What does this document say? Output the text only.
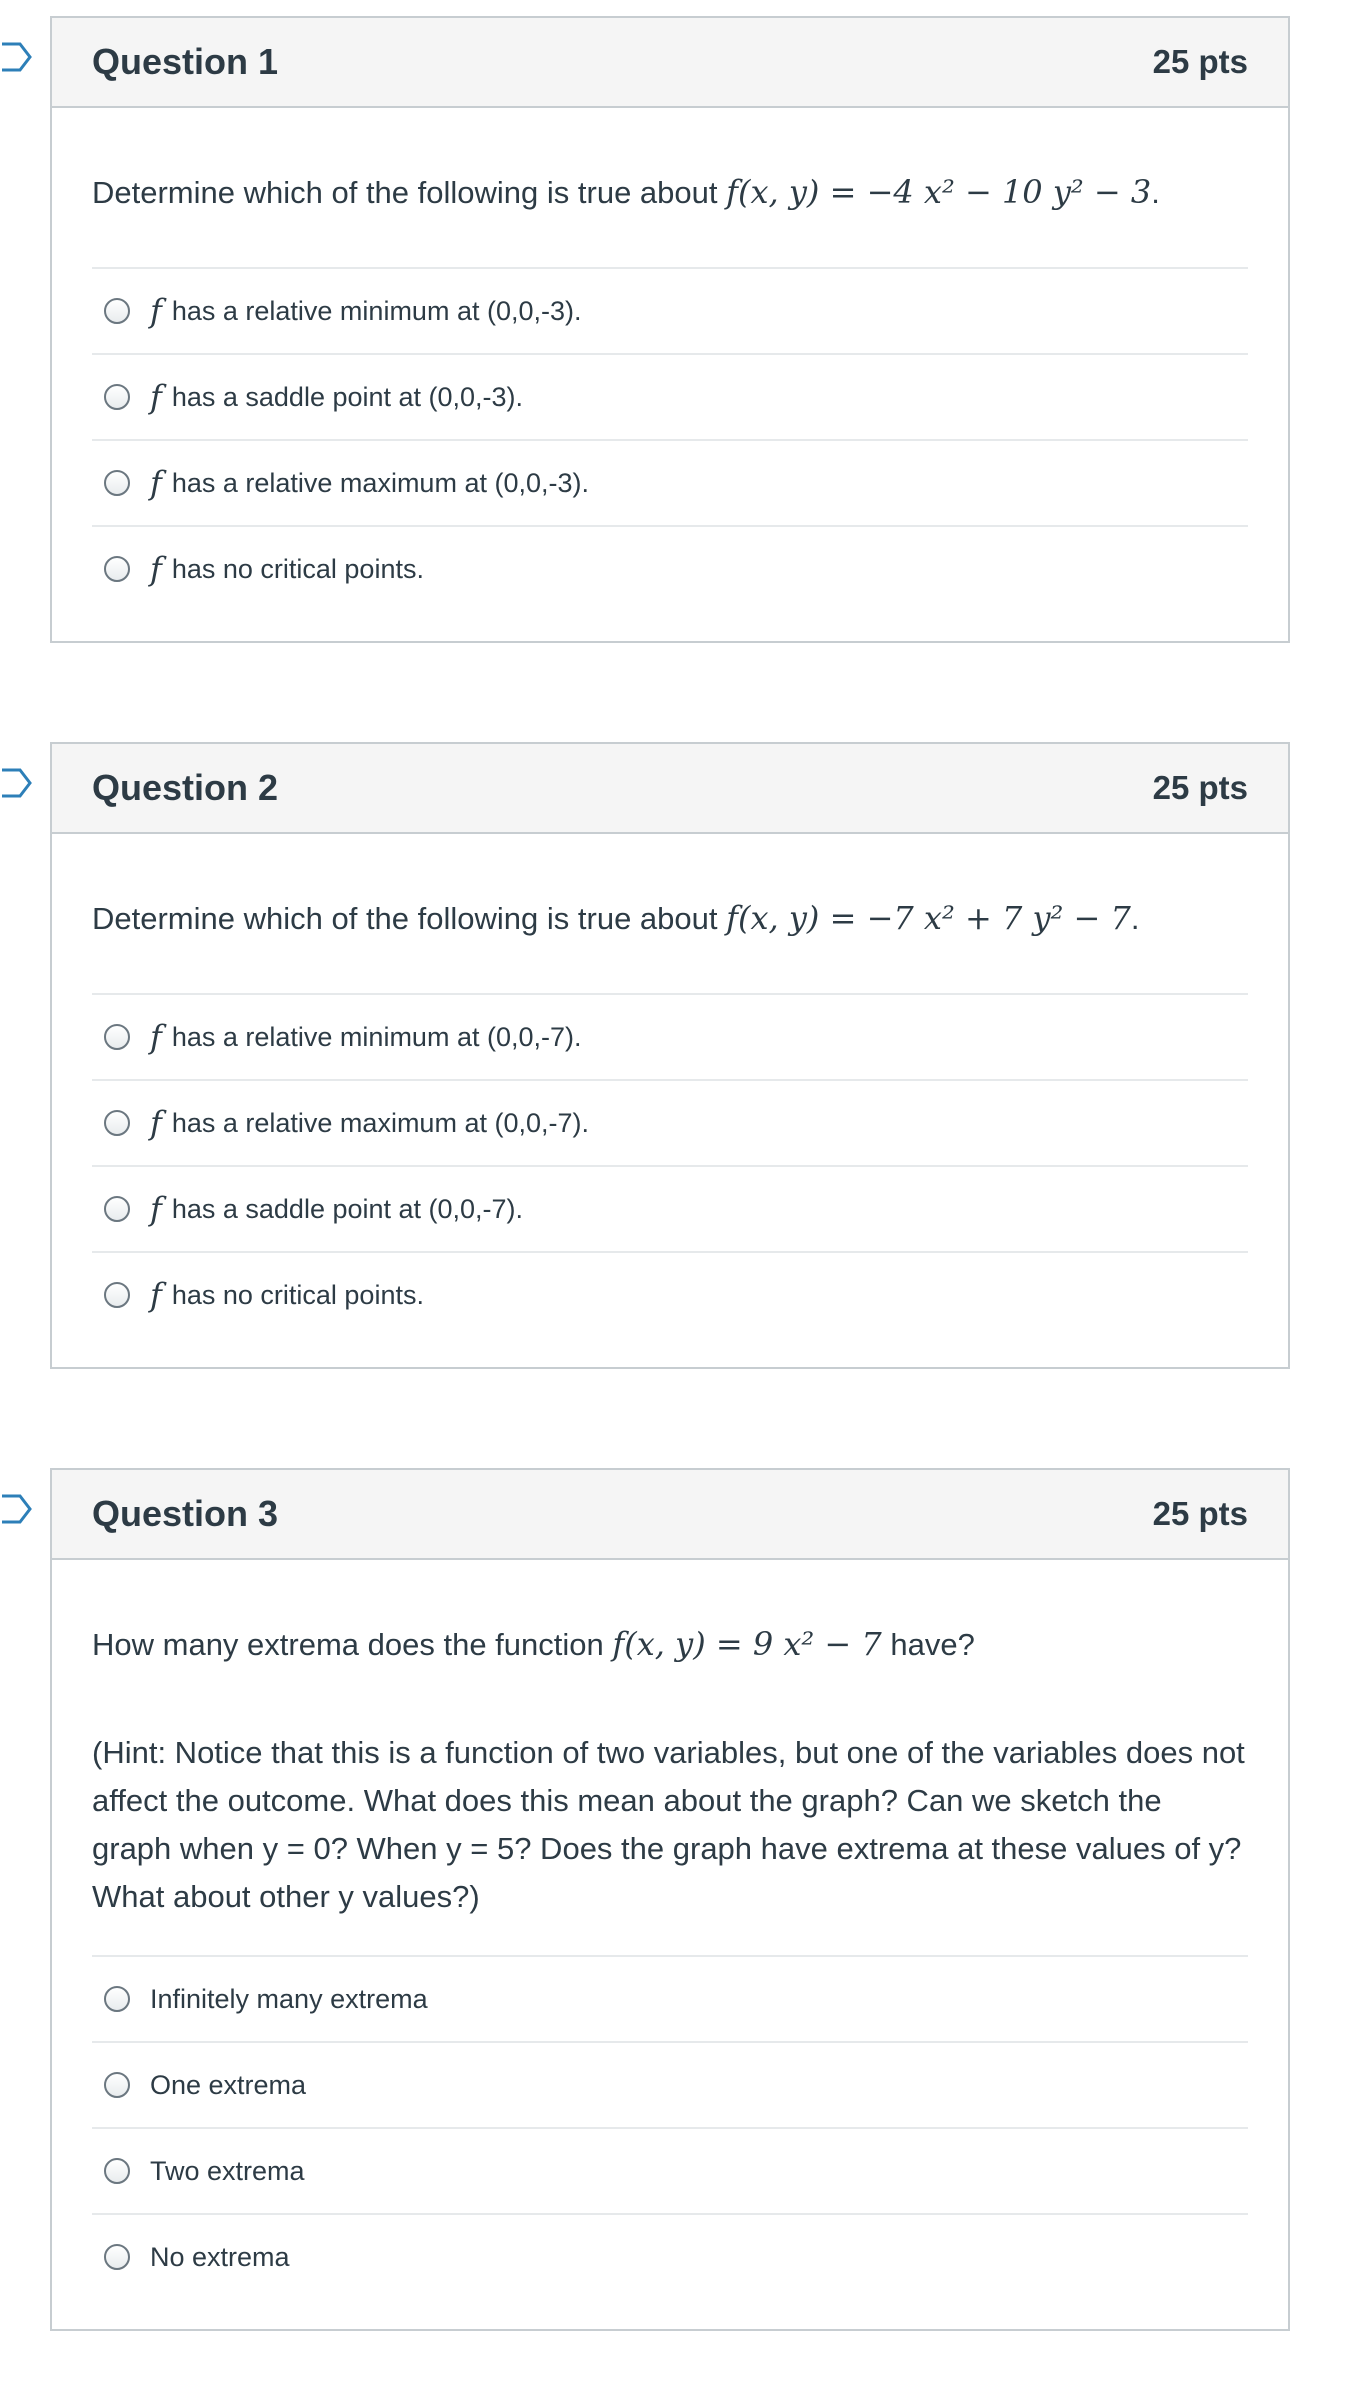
Question 1	25 pts
Determine which of the following is true about f(x, y) = −4 x² − 10 y² − 3.
f has a relative minimum at (0,0,-3).
f has a saddle point at (0,0,-3).
f has a relative maximum at (0,0,-3).
f has no critical points.
Question 2	25 pts
Determine which of the following is true about f(x, y) = −7 x² + 7 y² − 7.
f has a relative minimum at (0,0,-7).
f has a relative maximum at (0,0,-7).
f has a saddle point at (0,0,-7).
f has no critical points.
Question 3	25 pts
How many extrema does the function f(x, y) = 9 x² − 7 have?
(Hint: Notice that this is a function of two variables, but one of the variables does not affect the outcome. What does this mean about the graph? Can we sketch the graph when y = 0? When y = 5? Does the graph have extrema at these values of y? What about other y values?)
Infinitely many extrema
One extrema
Two extrema
No extrema
